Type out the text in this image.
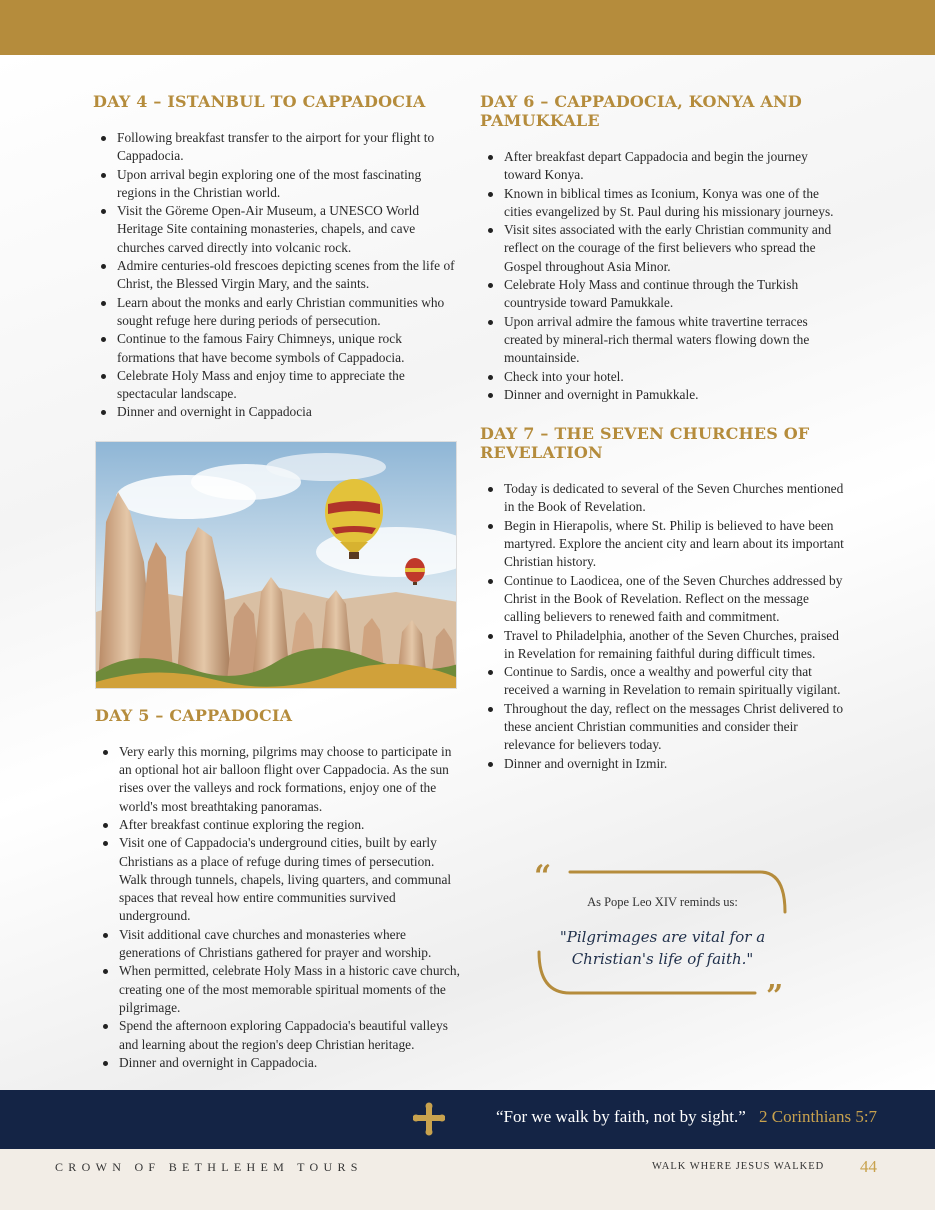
DAY 4 – ISTANBUL TO CAPPADOCIA
Following breakfast transfer to the airport for your flight to Cappadocia.
Upon arrival begin exploring one of the most fascinating regions in the Christian world.
Visit the Göreme Open-Air Museum, a UNESCO World Heritage Site containing monasteries, chapels, and cave churches carved directly into volcanic rock.
Admire centuries-old frescoes depicting scenes from the life of Christ, the Blessed Virgin Mary, and the saints.
Learn about the monks and early Christian communities who sought refuge here during periods of persecution.
Continue to the famous Fairy Chimneys, unique rock formations that have become symbols of Cappadocia.
Celebrate Holy Mass and enjoy time to appreciate the spectacular landscape.
Dinner and overnight in Cappadocia
DAY 5 – CAPPADOCIA
Very early this morning, pilgrims may choose to participate in an optional hot air balloon flight over Cappadocia. As the sun rises over the valleys and rock formations, enjoy one of the world's most breathtaking panoramas.
After breakfast continue exploring the region.
Visit one of Cappadocia's underground cities, built by early Christians as a place of refuge during times of persecution. Walk through tunnels, chapels, living quarters, and communal spaces that reveal how entire communities survived underground.
Visit additional cave churches and monasteries where generations of Christians gathered for prayer and worship.
When permitted, celebrate Holy Mass in a historic cave church, creating one of the most memorable spiritual moments of the pilgrimage.
Spend the afternoon exploring Cappadocia's beautiful valleys and learning about the region's deep Christian heritage.
Dinner and overnight in Cappadocia.
DAY 6 – CAPPADOCIA, KONYA AND PAMUKKALE
After breakfast depart Cappadocia and begin the journey toward Konya.
Known in biblical times as Iconium, Konya was one of the cities evangelized by St. Paul during his missionary journeys.
Visit sites associated with the early Christian community and reflect on the courage of the first believers who spread the Gospel throughout Asia Minor.
Celebrate Holy Mass and continue through the Turkish countryside toward Pamukkale.
Upon arrival admire the famous white travertine terraces created by mineral-rich thermal waters flowing down the mountainside.
Check into your hotel.
Dinner and overnight in Pamukkale.
DAY 7 – THE SEVEN CHURCHES OF REVELATION
Today is dedicated to several of the Seven Churches mentioned in the Book of Revelation.
Begin in Hierapolis, where St. Philip is believed to have been martyred. Explore the ancient city and learn about its important Christian history.
Continue to Laodicea, one of the Seven Churches addressed by Christ in the Book of Revelation. Reflect on the message calling believers to renewed faith and commitment.
Travel to Philadelphia, another of the Seven Churches, praised in Revelation for remaining faithful during difficult times.
Continue to Sardis, once a wealthy and powerful city that received a warning in Revelation to remain spiritually vigilant.
Throughout the day, reflect on the messages Christ delivered to these ancient Christian communities and consider their relevance for believers today.
Dinner and overnight in Izmir.
“
”
As Pope Leo XIV reminds us:
"Pilgrimages are vital for a Christian's life of faith."
“For we walk by faith, not by sight.” 2 Corinthians 5:7
CROWN OF BETHLEHEM TOURS	WALK WHERE JESUS WALKED 44
